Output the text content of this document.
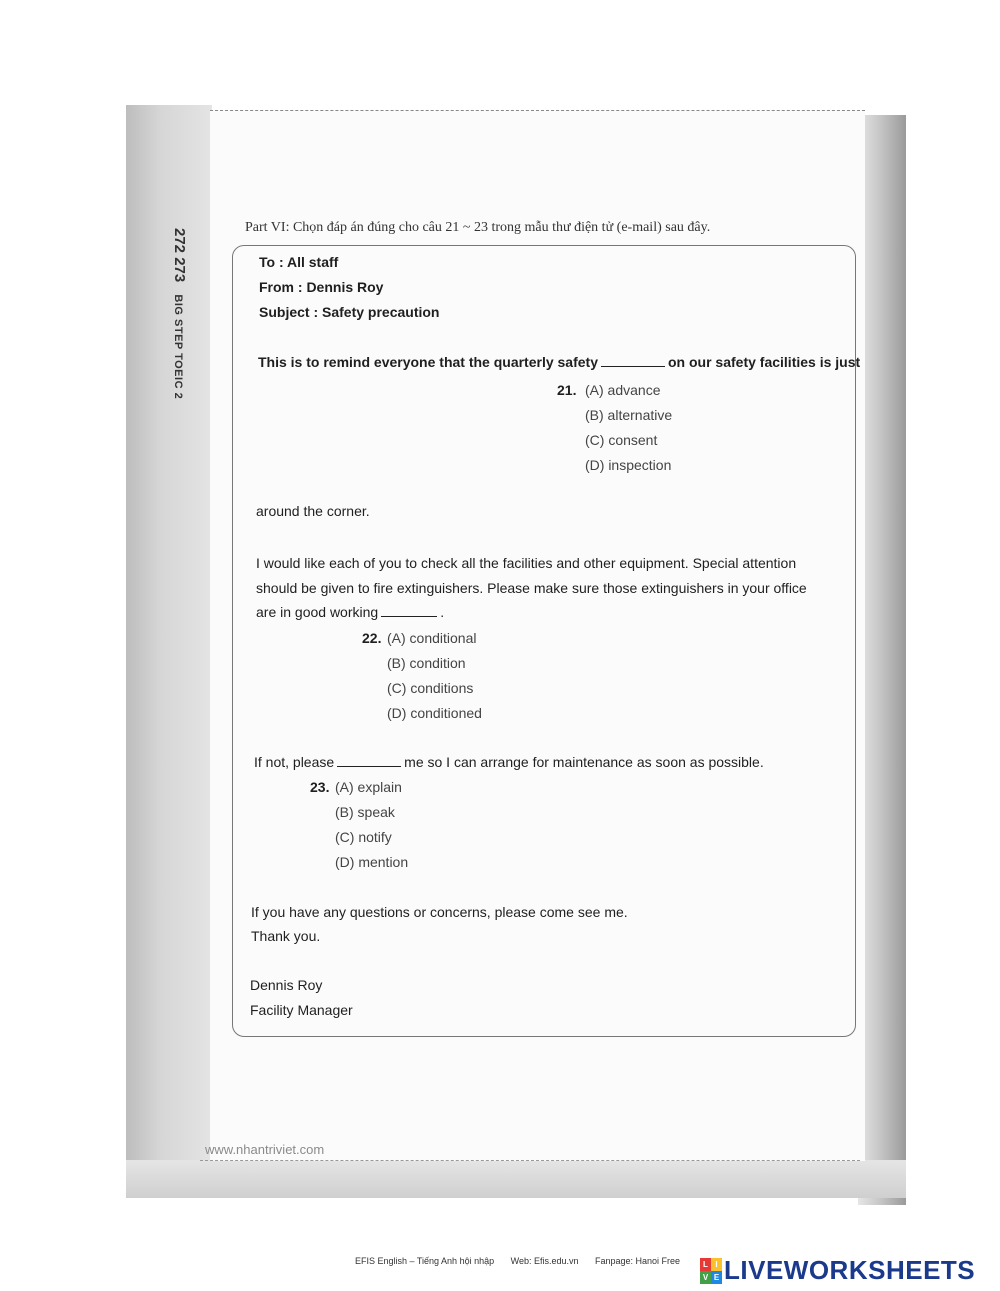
272 273 BIG STEP TOEIC 2
Part VI: Chọn đáp án đúng cho câu 21 ~ 23 trong mẫu thư điện tử (e-mail) sau đây.
To : All staff
From : Dennis Roy
Subject : Safety precaution
This is to remind everyone that the quarterly safety	on our safety facilities is just
21. (A) advance
(B) alternative
(C) consent
(D) inspection
around the corner.
I would like each of you to check all the facilities and other equipment. Special attention
should be given to fire extinguishers. Please make sure those extinguishers in your office
are in good working	.
22. (A) conditional
(B) condition
(C) conditions
(D) conditioned
If not, please	me so I can arrange for maintenance as soon as possible.
23. (A) explain
(B) speak
(C) notify
(D) mention
If you have any questions or concerns, please come see me.
Thank you.
Dennis Roy
Facility Manager
www.nhantriviet.com
EFIS English – Tiếng Anh hội nhập Web: Efis.edu.vn Fanpage: Hanoi Free	L I
V E LIVEWORKSHEETS
